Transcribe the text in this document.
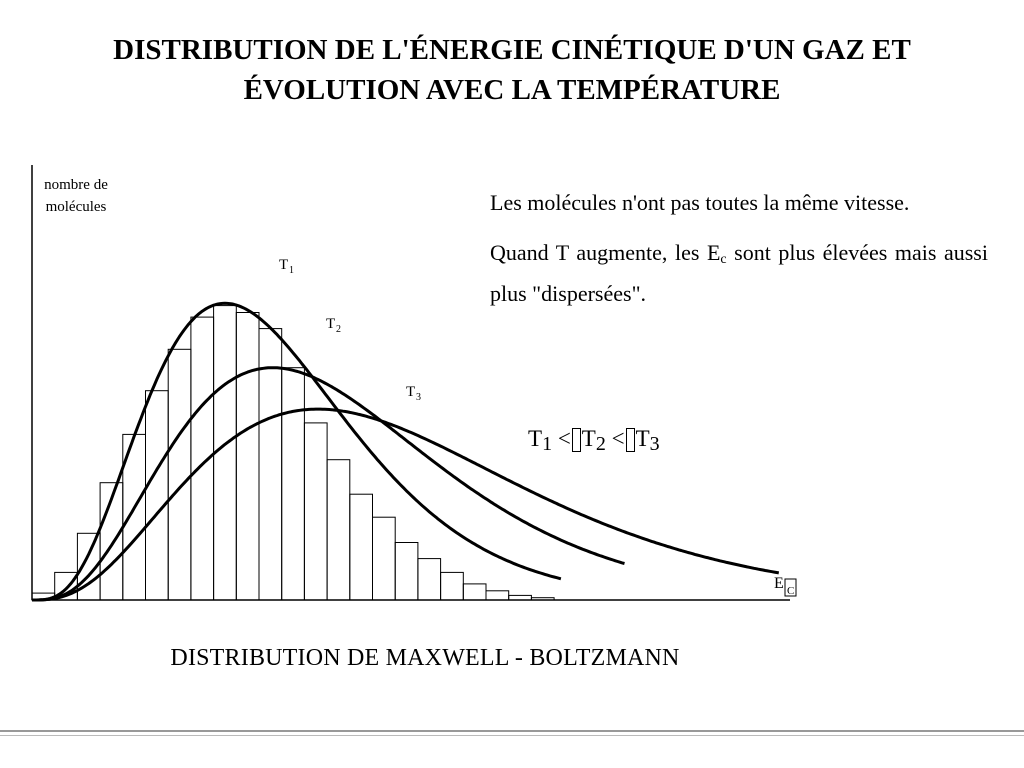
DISTRIBUTION DE L'ÉNERGIE CINÉTIQUE D'UN GAZ ET
ÉVOLUTION AVEC LA TEMPÉRATURE
nombre de
molécules
E C
T 1
T 2
T 3

Les molécules n'ont pas toutes la même vitesse.

Quand T augmente, les $E_c$ sont plus élevées mais aussi plus "dispersées".

$T_1 < T_2 < T_3$
DISTRIBUTION DE MAXWELL - BOLTZMANN
